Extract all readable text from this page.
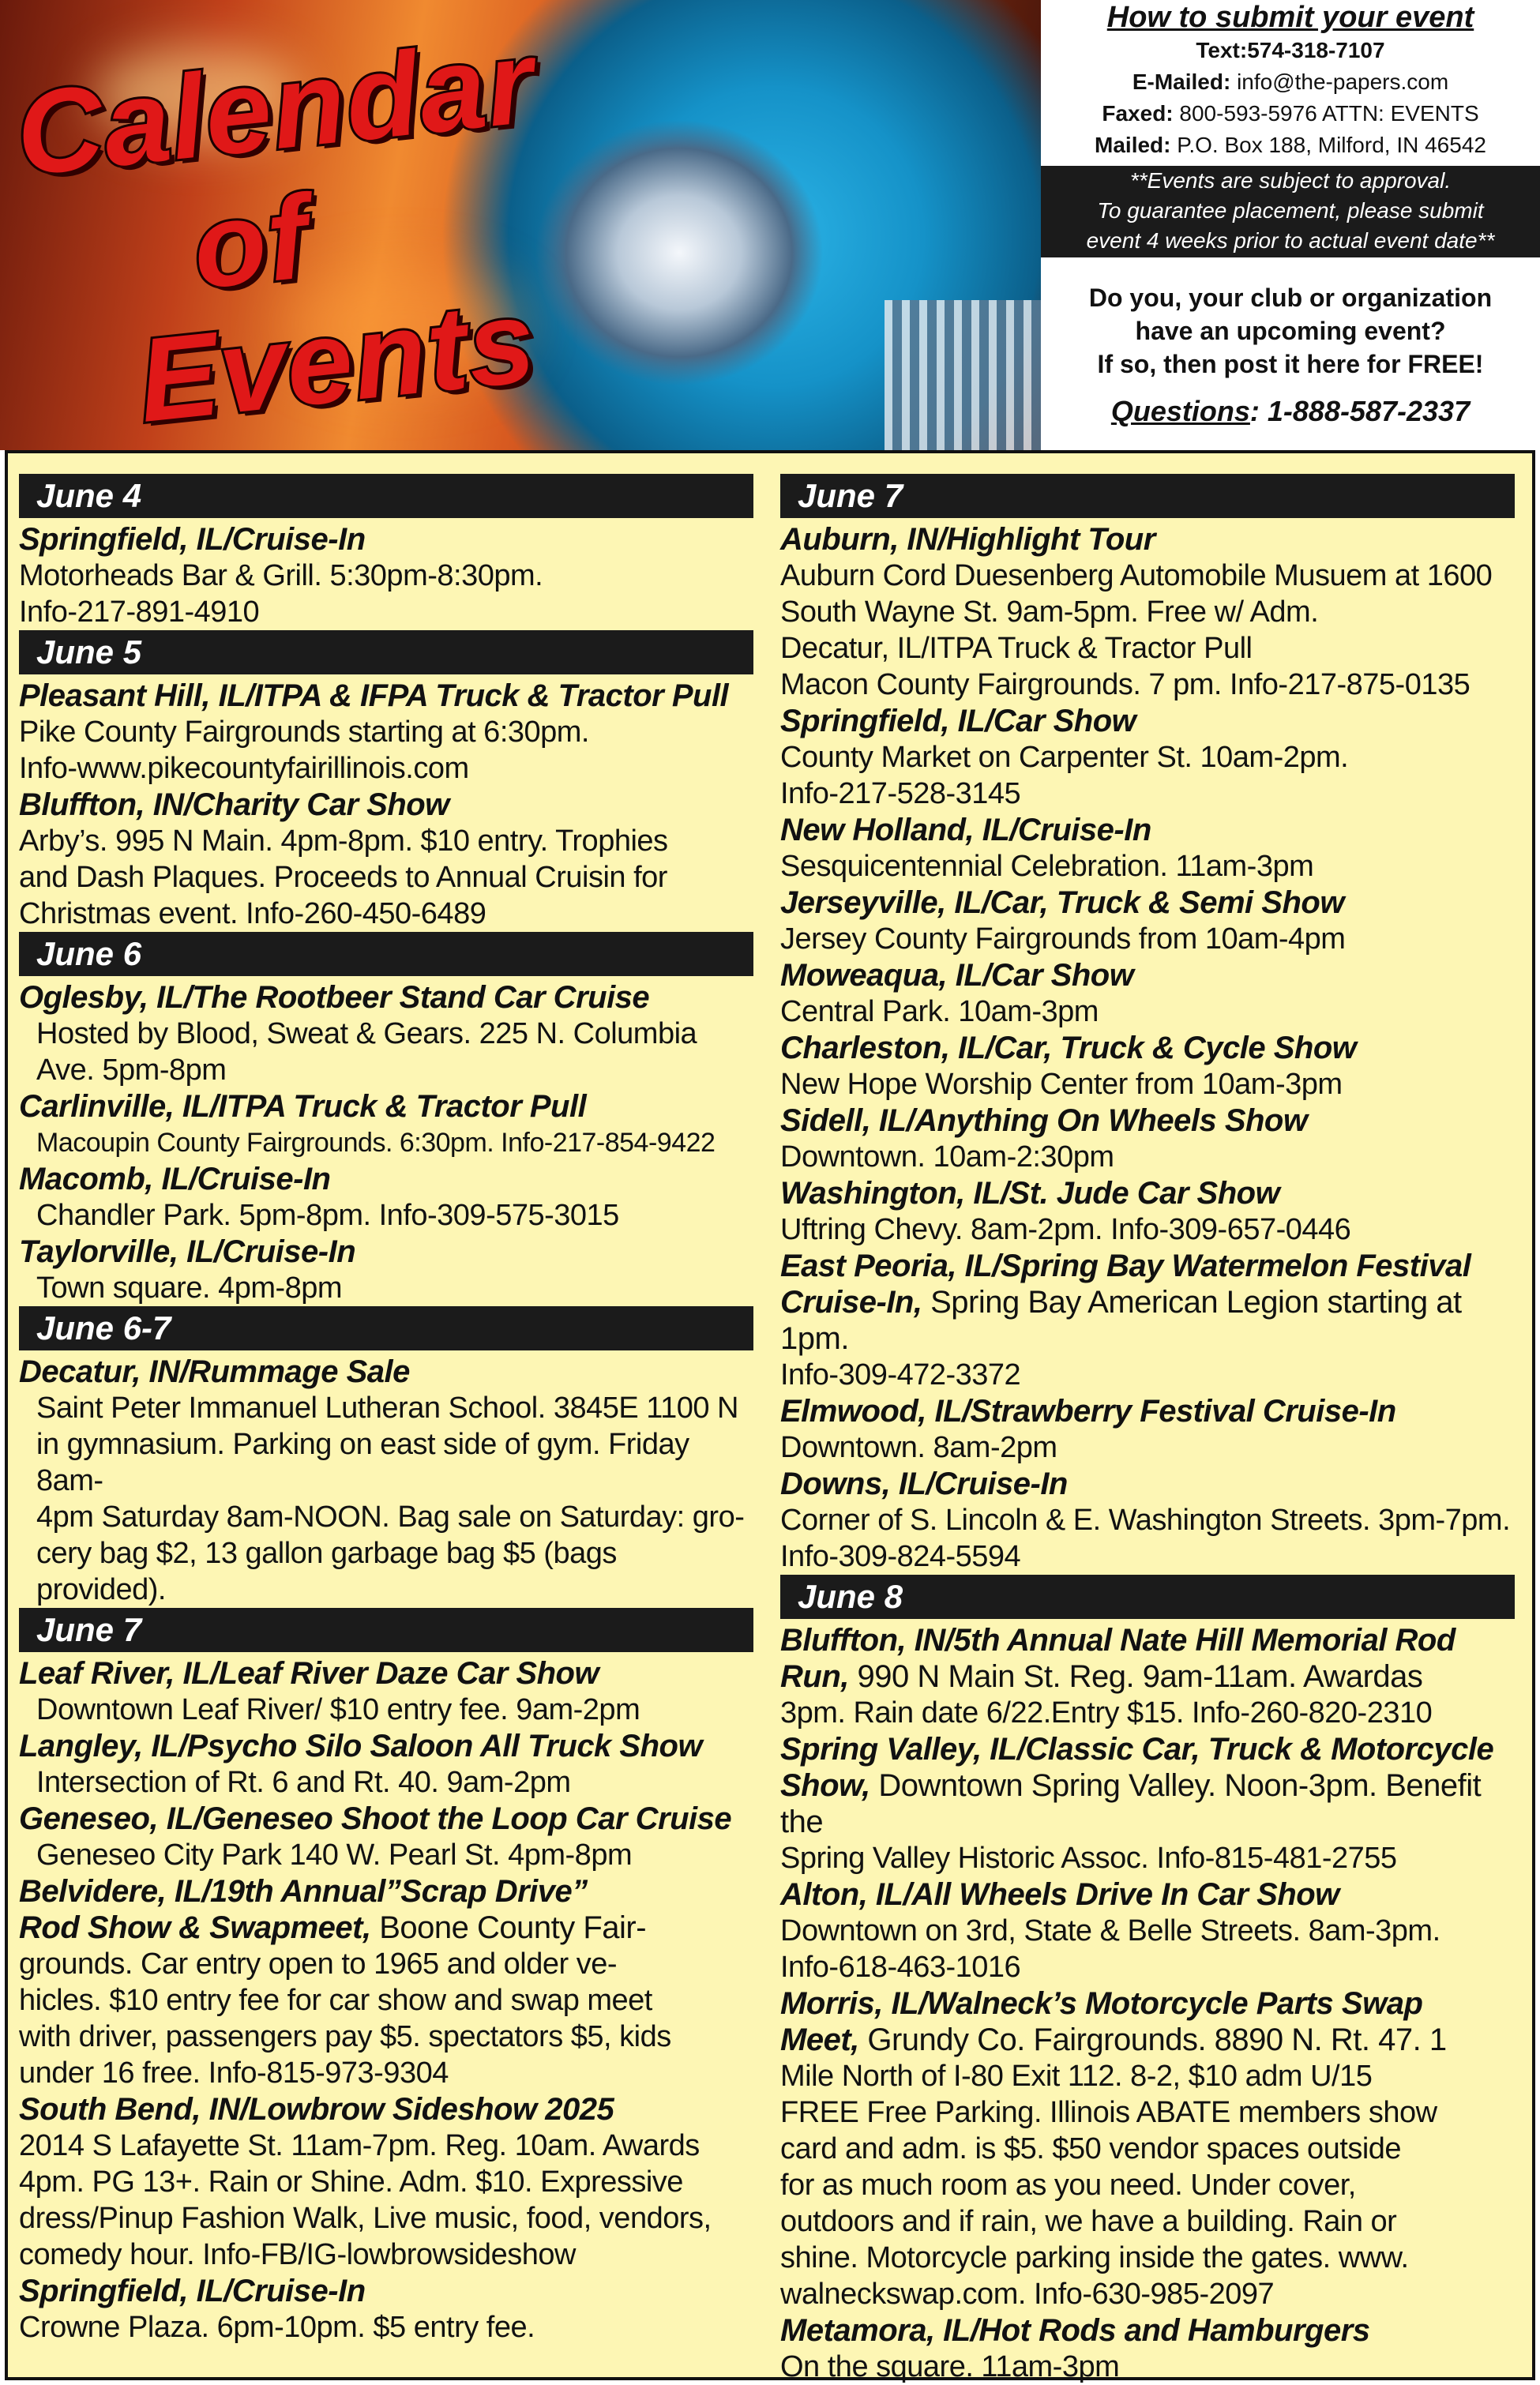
Calendar
of
Events
How to submit your event
Text:574-318-7107
E-Mailed: info@the-papers.com
Faxed: 800-593-5976 ATTN: EVENTS
Mailed: P.O. Box 188, Milford, IN 46542
**Events are subject to approval.
To guarantee placement, please submit
event 4 weeks prior to actual event date**
Do you, your club or organization
have an upcoming event?
If so, then post it here for FREE!
Questions: 1-888-587-2337
June 4
Springfield, IL/Cruise-In
Motorheads Bar & Grill. 5:30pm-8:30pm.
Info-217-891-4910
June 5
Pleasant Hill, IL/ITPA & IFPA Truck & Tractor Pull
Pike County Fairgrounds starting at 6:30pm.
Info-www.pikecountyfairillinois.com
Bluffton, IN/Charity Car Show
Arby’s. 995 N Main. 4pm-8pm. $10 entry. Trophies
and Dash Plaques. Proceeds to Annual Cruisin for
Christmas event. Info-260-450-6489
June 6
Oglesby, IL/The Rootbeer Stand Car Cruise
Hosted by Blood, Sweat & Gears. 225 N. Columbia
Ave. 5pm-8pm
Carlinville, IL/ITPA Truck & Tractor Pull
Macoupin County Fairgrounds. 6:30pm. Info-217-854-9422
Macomb, IL/Cruise-In
Chandler Park. 5pm-8pm. Info-309-575-3015
Taylorville, IL/Cruise-In
Town square. 4pm-8pm
June 6-7
Decatur, IN/Rummage Sale
Saint Peter Immanuel Lutheran School. 3845E 1100 N
in gymnasium. Parking on east side of gym. Friday 8am-
4pm Saturday 8am-NOON. Bag sale on Saturday: gro-
cery bag $2, 13 gallon garbage bag $5 (bags provided).
June 7
Leaf River, IL/Leaf River Daze Car Show
Downtown Leaf River/ $10 entry fee. 9am-2pm
Langley, IL/Psycho Silo Saloon All Truck Show
Intersection of Rt. 6 and Rt. 40. 9am-2pm
Geneseo, IL/Geneseo Shoot the Loop Car Cruise
Geneseo City Park 140 W. Pearl St. 4pm-8pm
Belvidere, IL/19th Annual”Scrap Drive”
Rod Show & Swapmeet, Boone County Fair-
grounds. Car entry open to 1965 and older ve-
hicles. $10 entry fee for car show and swap meet
with driver, passengers pay $5. spectators $5, kids
under 16 free. Info-815-973-9304
South Bend, IN/Lowbrow Sideshow 2025
2014 S Lafayette St. 11am-7pm. Reg. 10am. Awards
4pm. PG 13+. Rain or Shine. Adm. $10. Expressive
dress/Pinup Fashion Walk, Live music, food, vendors,
comedy hour. Info-FB/IG-lowbrowsideshow
Springfield, IL/Cruise-In
Crowne Plaza. 6pm-10pm. $5 entry fee.
June 7
Auburn, IN/Highlight Tour
Auburn Cord Duesenberg Automobile Musuem at 1600
South Wayne St. 9am-5pm. Free w/ Adm.
Decatur, IL/ITPA Truck & Tractor Pull
Macon County Fairgrounds. 7 pm. Info-217-875-0135
Springfield, IL/Car Show
County Market on Carpenter St. 10am-2pm.
Info-217-528-3145
New Holland, IL/Cruise-In
Sesquicentennial Celebration. 11am-3pm
Jerseyville, IL/Car, Truck & Semi Show
Jersey County Fairgrounds from 10am-4pm
Moweaqua, IL/Car Show
Central Park. 10am-3pm
Charleston, IL/Car, Truck & Cycle Show
New Hope Worship Center from 10am-3pm
Sidell, IL/Anything On Wheels Show
Downtown. 10am-2:30pm
Washington, IL/St. Jude Car Show
Uftring Chevy. 8am-2pm. Info-309-657-0446
East Peoria, IL/Spring Bay Watermelon Festival
Cruise-In, Spring Bay American Legion starting at 1pm.
Info-309-472-3372
Elmwood, IL/Strawberry Festival Cruise-In
Downtown. 8am-2pm
Downs, IL/Cruise-In
Corner of S. Lincoln & E. Washington Streets. 3pm-7pm.
Info-309-824-5594
June 8
Bluffton, IN/5th Annual Nate Hill Memorial Rod
Run, 990 N Main St. Reg. 9am-11am. Awardas
3pm. Rain date 6/22.Entry $15. Info-260-820-2310
Spring Valley, IL/Classic Car, Truck & Motorcycle
Show, Downtown Spring Valley. Noon-3pm. Benefit the
Spring Valley Historic Assoc. Info-815-481-2755
Alton, IL/All Wheels Drive In Car Show
Downtown on 3rd, State & Belle Streets. 8am-3pm.
Info-618-463-1016
Morris, IL/Walneck’s Motorcycle Parts Swap
Meet, Grundy Co. Fairgrounds. 8890 N. Rt. 47. 1
Mile North of I-80 Exit 112. 8-2, $10 adm U/15
FREE Free Parking. Illinois ABATE members show
card and adm. is $5. $50 vendor spaces outside
for as much room as you need. Under cover,
outdoors and if rain, we have a building. Rain or
shine. Motorcycle parking inside the gates. www.
walneckswap.com. Info-630-985-2097
Metamora, IL/Hot Rods and Hamburgers
On the square. 11am-3pm
